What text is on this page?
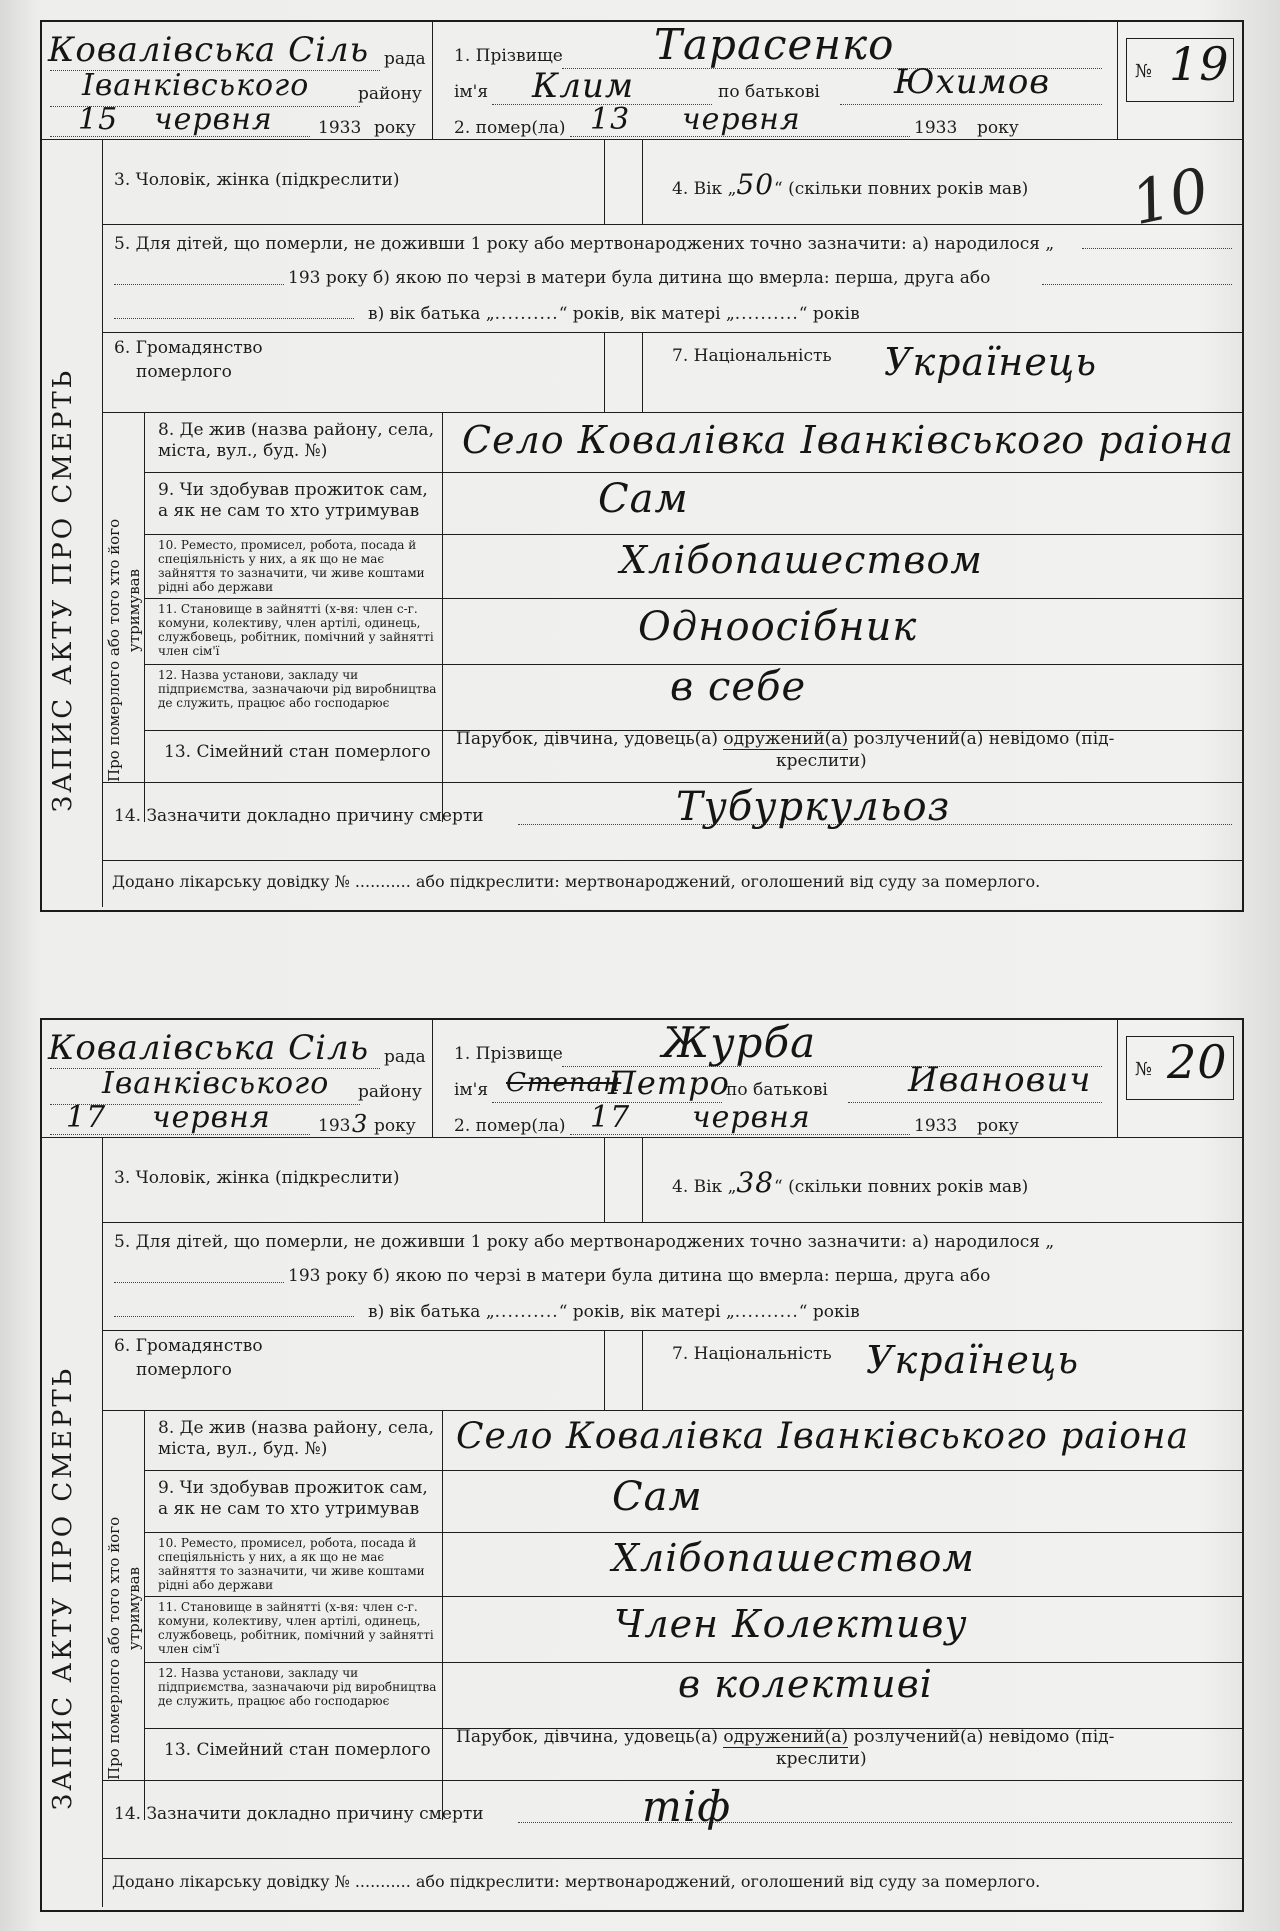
Ковалівська Сіль рада
Іванківського	району
15 червня	1933 року
1. Прізвище Тарасенко
ім'я Клим	по батькові Юхимов
2. помер(ла) 13 червня	1933 року
№ 19
ЗАПИС АКТУ ПРО СМЕРТЬ
3. Чоловік, жінка (підкреслити)	4. Вік „50“ (скільки повних років мав) 10
5. Для дітей, що померли, не доживши 1 року або мертвонароджених точно зазначити: а) народилося „
193 року б) якою по черзі в матери була дитина що вмерла: перша, друга або
в) вік батька „..........“ років, вік матері „..........“ років
6. Громадянство
померлого
7. Національність Українець
Про померлого або того хто його утримував
8. Де жив (назва району, села, міста, вул., буд. №)	Село Ковалівка Іванківського раіона
9. Чи здобував прожиток сам, а як не сам то хто утримував	Сам
10. Реместо, промисел, робота, посада й спеціяльність у них, а як що не має зайняття то зазначити, чи живе коштами рідні або держави
Хлібопашеством
11. Становище в зайнятті (х-вя: член с-г. комуни, колективу, член артілі, одинець, службовець, робітник, помічний у зайнятті член сім'ї
Одноосібник
12. Назва установи, закладу чи підприємства, зазначаючи рід виробництва де служить, працює або господарює	в себе
13. Сімейний стан померлого
Парубок, дівчина, удовець(а) одружений(а) розлучений(а) невідомо (під-
креслити)
14. Зазначити докладно причину смерти	Тубуркульоз
Додано лікарську довідку № ........... або підкреслити: мертвонароджений, оголошений від суду за померлого.
Ковалівська Сіль рада
Іванківського району
17 червня	193 3 року
1. Прізвище Журба
ім'я Степан
Петро
по батькові Иванович
2. помер(ла) 17 червня	1933 року
№ 20
ЗАПИС АКТУ ПРО СМЕРТЬ
3. Чоловік, жінка (підкреслити)	4. Вік „38“ (скільки повних років мав)
5. Для дітей, що померли, не доживши 1 року або мертвонароджених точно зазначити: а) народилося „
193 року б) якою по черзі в матери була дитина що вмерла: перша, друга або
в) вік батька „..........“ років, вік матері „..........“ років
6. Громадянство
померлого
7. Національність Українець
Про померлого або того хто його утримував
8. Де жив (назва району, села, міста, вул., буд. №)	Село Ковалівка Іванківського раіона
9. Чи здобував прожиток сам, а як не сам то хто утримував	Сам
10. Реместо, промисел, робота, посада й спеціяльність у них, а як що не має зайняття то зазначити, чи живе коштами рідні або держави
Хлібопашеством
11. Становище в зайнятті (х-вя: член с-г. комуни, колективу, член артілі, одинець, службовець, робітник, помічний у зайнятті член сім'ї
Член Колективу
12. Назва установи, закладу чи підприємства, зазначаючи рід виробництва де служить, працює або господарює	в колективі
13. Сімейний стан померлого
Парубок, дівчина, удовець(а) одружений(а) розлучений(а) невідомо (під-
креслити)
14. Зазначити докладно причину смерти	тіф
Додано лікарську довідку № ........... або підкреслити: мертвонароджений, оголошений від суду за померлого.
